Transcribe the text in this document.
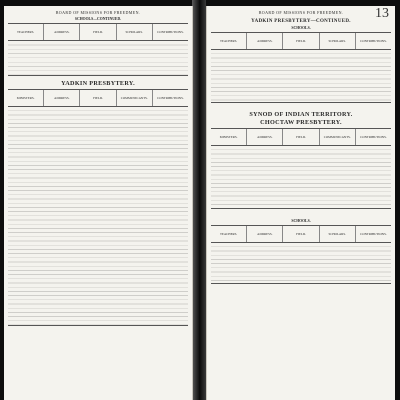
BOARD OF MISSIONS FOR FREEDMEN.
SCHOOLS—CONTINUED.
TEACHERS.	ADDRESS.	FIELD.	SCHOLARS.	CONTRIBUTIONS.
YADKIN PRESBYTERY.
MINISTERS.	ADDRESS.	FIELD.	COMMUNICANTS.	CONTRIBUTIONS.
BOARD OF MISSIONS FOR FREEDMEN.	13
YADKIN PRESBYTERY—CONTINUED.
SCHOOLS.
TEACHERS.	ADDRESS.	FIELD.	SCHOLARS.	CONTRIBUTIONS.
SYNOD OF INDIAN TERRITORY.
CHOCTAW PRESBYTERY.
MINISTERS.	ADDRESS.	FIELD.	COMMUNICANTS.	CONTRIBUTIONS.
SCHOOLS.
TEACHERS.	ADDRESS.	FIELD.	SCHOLARS.	CONTRIBUTIONS.
